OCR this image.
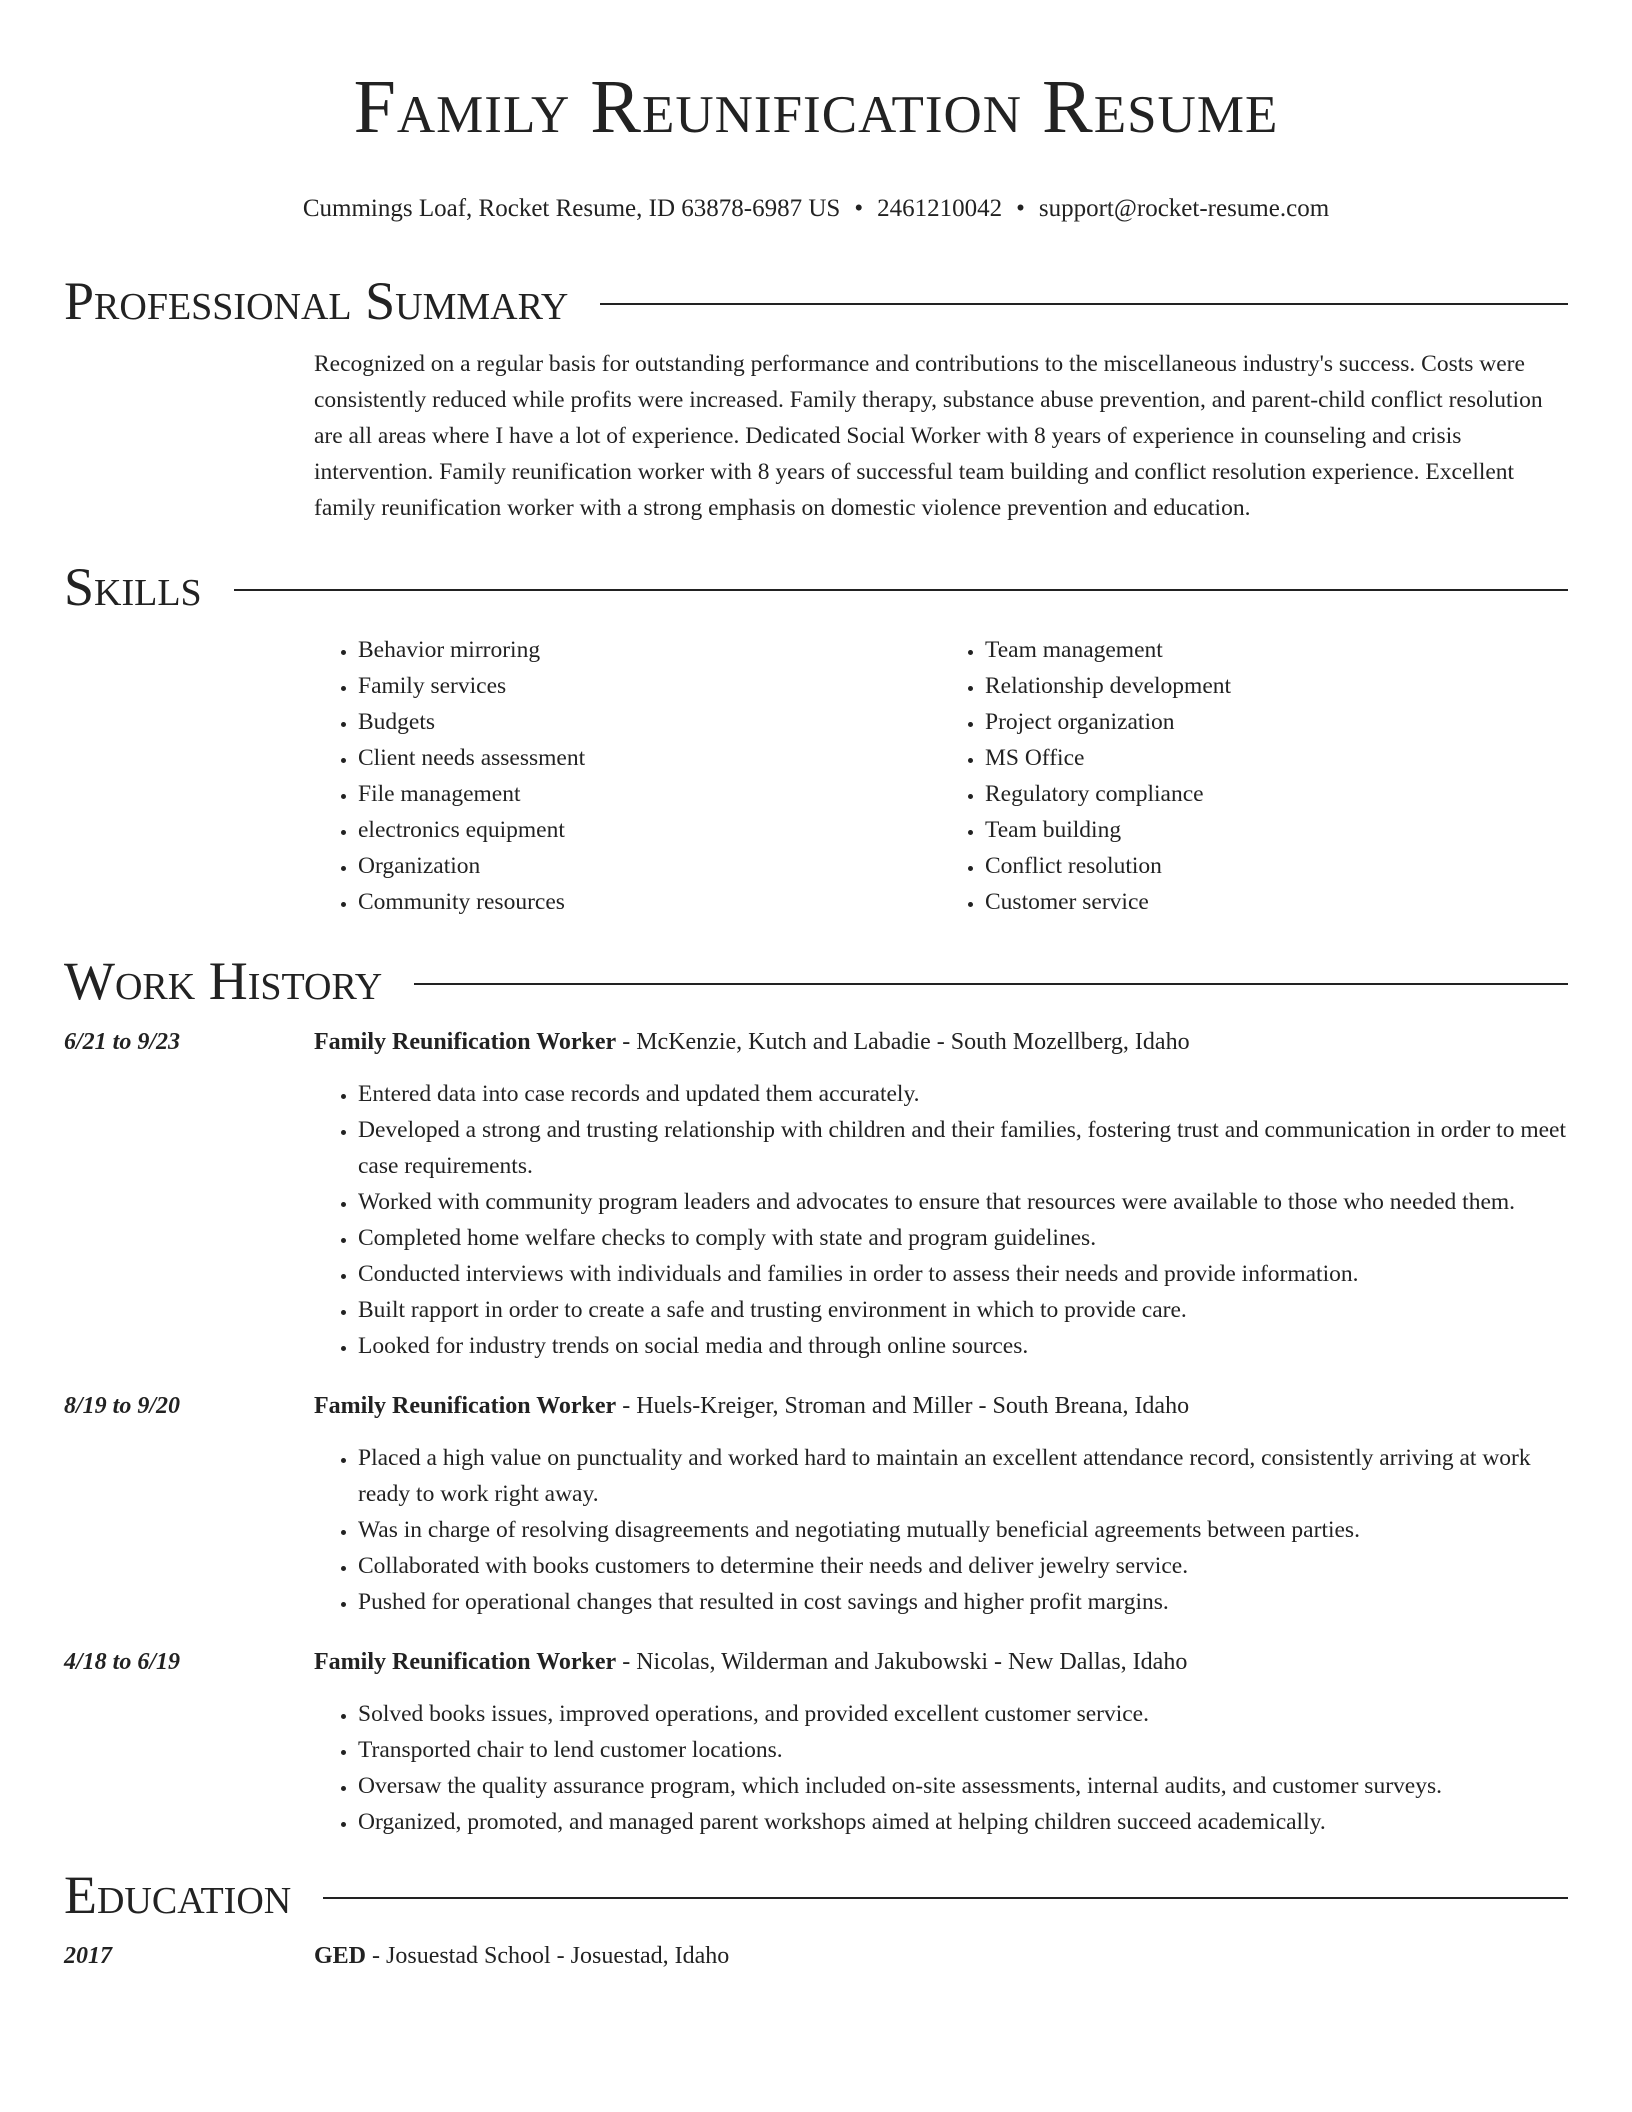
Family Reunification Resume
Cummings Loaf, Rocket Resume, ID 63878-6987 US • 2461210042 • support@rocket-resume.com
Professional Summary
Recognized on a regular basis for outstanding performance and contributions to the miscellaneous industry's success. Costs were consistently reduced while profits were increased. Family therapy, substance abuse prevention, and parent-child conflict resolution are all areas where I have a lot of experience. Dedicated Social Worker with 8 years of experience in counseling and crisis intervention. Family reunification worker with 8 years of successful team building and conflict resolution experience. Excellent family reunification worker with a strong emphasis on domestic violence prevention and education.
Skills
• Behavior mirroring
• Family services
• Budgets
• Client needs assessment
• File management
• electronics equipment
• Organization
• Community resources
• Team management
• Relationship development
• Project organization
• MS Office
• Regulatory compliance
• Team building
• Conflict resolution
• Customer service
Work History
6/21 to 9/23	Family Reunification Worker - McKenzie, Kutch and Labadie - South Mozellberg, Idaho
• Entered data into case records and updated them accurately.
• Developed a strong and trusting relationship with children and their families, fostering trust and communication in order to meet case requirements.
• Worked with community program leaders and advocates to ensure that resources were available to those who needed them.
• Completed home welfare checks to comply with state and program guidelines.
• Conducted interviews with individuals and families in order to assess their needs and provide information.
• Built rapport in order to create a safe and trusting environment in which to provide care.
• Looked for industry trends on social media and through online sources.
8/19 to 9/20	Family Reunification Worker - Huels-Kreiger, Stroman and Miller - South Breana, Idaho
• Placed a high value on punctuality and worked hard to maintain an excellent attendance record, consistently arriving at work ready to work right away.
• Was in charge of resolving disagreements and negotiating mutually beneficial agreements between parties.
• Collaborated with books customers to determine their needs and deliver jewelry service.
• Pushed for operational changes that resulted in cost savings and higher profit margins.
4/18 to 6/19	Family Reunification Worker - Nicolas, Wilderman and Jakubowski - New Dallas, Idaho
• Solved books issues, improved operations, and provided excellent customer service.
• Transported chair to lend customer locations.
• Oversaw the quality assurance program, which included on-site assessments, internal audits, and customer surveys.
• Organized, promoted, and managed parent workshops aimed at helping children succeed academically.
Education
2017	GED - Josuestad School - Josuestad, Idaho
